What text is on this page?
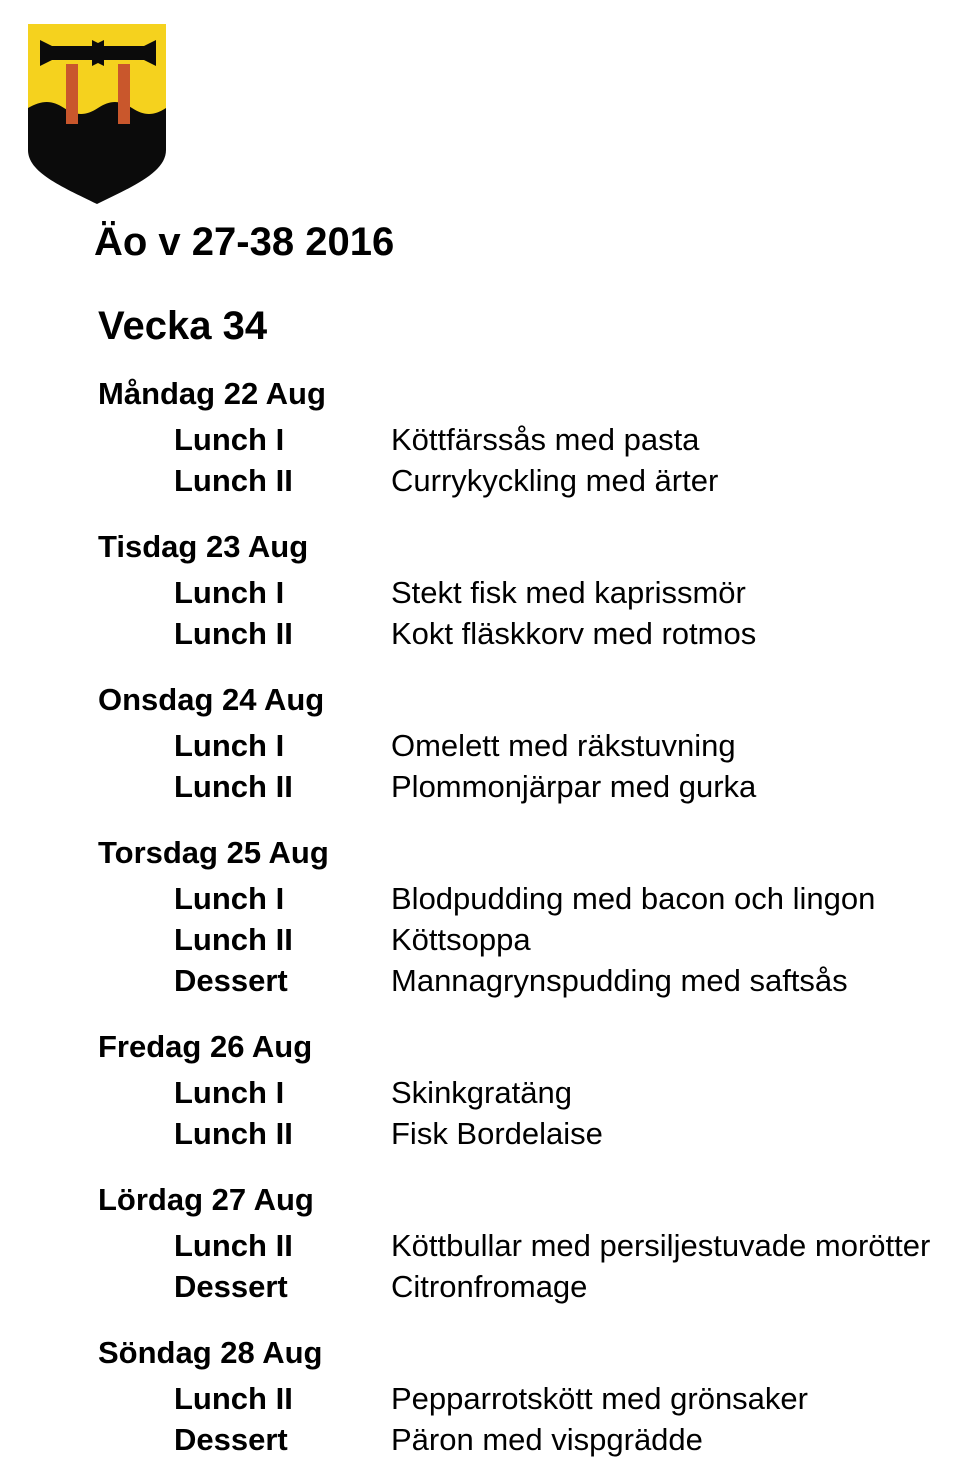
Äo v 27-38 2016
Vecka 34
Måndag 22 Aug
Lunch I	Köttfärssås med pasta
Lunch II	Currykyckling med ärter
Tisdag 23 Aug
Lunch I	Stekt fisk med kaprissmör
Lunch II	Kokt fläskkorv med rotmos
Onsdag 24 Aug
Lunch I	Omelett med räkstuvning
Lunch II	Plommonjärpar med gurka
Torsdag 25 Aug
Lunch I	Blodpudding med bacon och lingon
Lunch II	Köttsoppa
Dessert	Mannagrynspudding med saftsås
Fredag 26 Aug
Lunch I	Skinkgratäng
Lunch II	Fisk Bordelaise
Lördag 27 Aug
Lunch II	Köttbullar med persiljestuvade morötter
Dessert	Citronfromage
Söndag 28 Aug
Lunch II	Pepparrotskött med grönsaker
Dessert	Päron med vispgrädde
